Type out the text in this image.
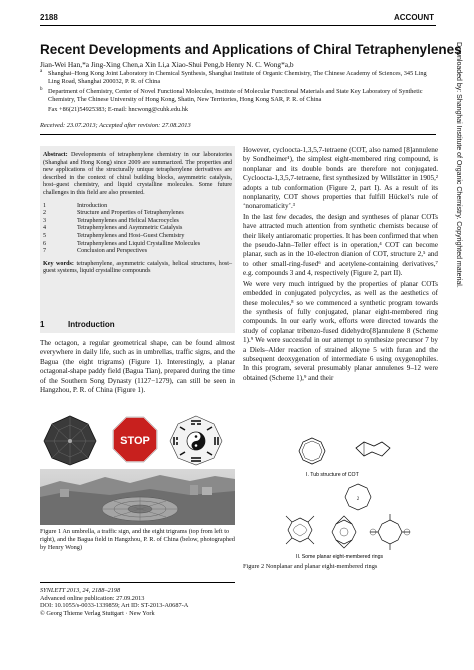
2188	ACCOUNT
Recent Developments and Applications of Chiral Tetraphenylenes
Jian-Wei Han,*a Jing-Xing Chen,a Xin Li,a Xiao-Shui Peng,b Henry N. C. Wong*a,b
a Shanghai–Hong Kong Joint Laboratory in Chemical Synthesis, Shanghai Institute of Organic Chemistry, The Chinese Academy of Sciences, 345 Ling Ling Road, Shanghai 200032, P. R. of China
b Department of Chemistry, Center of Novel Functional Molecules, Institute of Molecular Functional Materials and State Key Laboratory of Synthetic Chemistry, The Chinese University of Hong Kong, Shatin, New Territories, Hong Kong SAR, P. R. of China
Fax +86(21)54925383; E-mail: hncwong@cuhk.edu.hk
Received: 23.07.2013; Accepted after revision: 27.08.2013
Abstract: Developments of tetraphenylene chemistry in our laboratories (Shanghai and Hong Kong) since 2009 are summarized. The properties and new applications of the structurally unique tetraphenylene derivatives are described in the context of chiral building blocks, asymmetric catalysis, host–guest chemistry, and liquid crystalline molecules. Some future challenges in this field are also presented.
1	Introduction
2	Structure and Properties of Tetraphenylenes
3	Tetraphenylenes and Helical Macrocycles
4	Tetraphenylenes and Asymmetric Catalysis
5	Tetraphenylenes and Host–Guest Chemistry
6	Tetraphenylenes and Liquid Crystalline Molecules
7	Conclusion and Perspectives
Key words: tetraphenylene, asymmetric catalysis, helical structures, host–guest systems, liquid crystalline compounds
1	Introduction

The octagon, a regular geometrical shape, can be found almost everywhere in daily life, such as in umbrellas, traffic signs, and the Bagua (the eight trigrams) (Figure 1). Interestingly, a planar octagonal-shape paddy field (Bagua Tian), prepared during the time of the Southern Song Dynasty (1127−1279), can still be seen in Hangzhou, P. R. of China (Figure 1).

STOP
Figure 1 An umbrella, a traffic sign, and the eight trigrams (top from left to right), and the Bagua field in Hangzhou, P. R. of China (below, photographed by Henry Wong)

However, cycloocta-1,3,5,7-tetraene (COT, also named [8]annulene by Sondheimer¹), the simplest eight-membered ring compound, is nonplanar and its double bonds are therefore not conjugated. Cycloocta-1,3,5,7-tetraene, first synthesized by Willstätter in 1905,² adopts a tub conformation (Figure 2, part I). As a result of its nonplanarity, COT shows properties that fulfill Hückel’s rule of ‘nonaromaticity’.³

In the last few decades, the design and syntheses of planar COTs have attracted much attention from synthetic chemists because of their likely antiaromatic properties. It has been confirmed that when the pseudo-Jahn–Teller effect is in operation,⁴ COT can become planar, such as in the 10-electron dianion of COT, structure 2,⁵ and to other small-ring-fused⁶ and acetylene-containing derivatives,⁷ e.g. compounds 3 and 4, respectively (Figure 2, part II).

We were very much intrigued by the properties of planar COTs embedded in conjugated polycycles, as well as the aesthetics of these molecules,⁸ so we commenced a synthetic program towards the synthesis of fully conjugated, planar eight-membered ring compounds. In our early work, efforts were directed towards the study of coplanar tribenzo-fused didehydro[8]annulene 8 (Scheme 1).⁹ We were successful in our attempt to synthesize precursor 7 by a Diels–Alder reaction of strained alkyne 5 with furan and the subsequent deoxygenation of intermediate 6 using oxygenophiles. In this program, several presumably planar annulenes 9–12 were obtained (Scheme 1),⁹ and their

I. Tub structure of COT
2
II. Some planar eight-membered rings
Figure 2 Nonplanar and planar eight-membered rings
SYNLETT 2013, 24, 2188–2198
Advanced online publication: 27.09.2013
DOI: 10.1055/s-0033-1339859; Art ID: ST-2013-A0687-A
© Georg Thieme Verlag Stuttgart · New York
Downloaded by: Shanghai Institute of Organic Chemistry. Copyrighted material.
